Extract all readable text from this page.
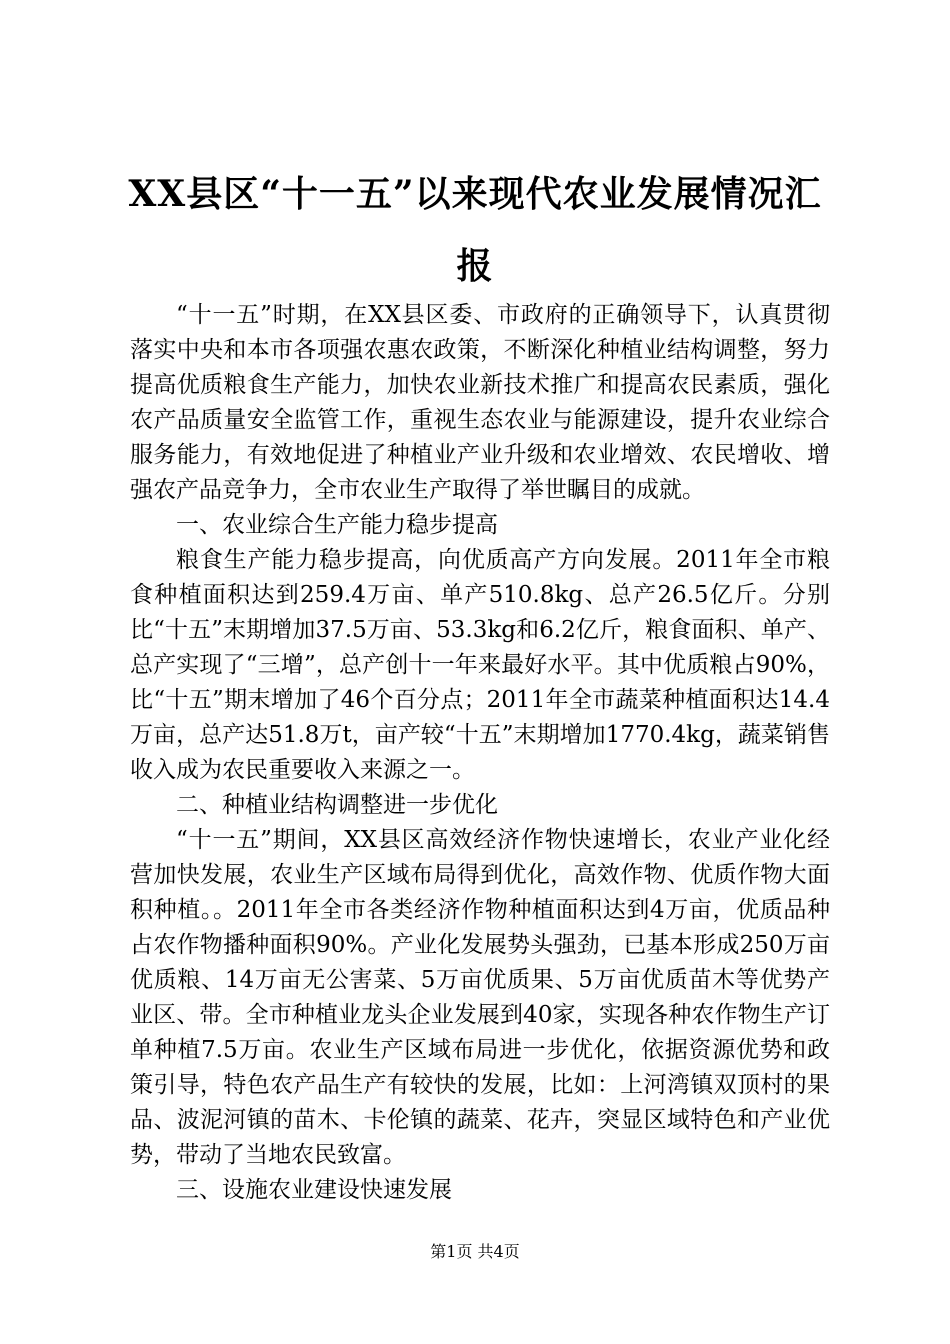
XX县区“十一五”以来现代农业发展情况汇报

“十一五”时期，在XX县区委、市政府的正确领导下，认真贯彻落实中央和本市各项强农惠农政策，不断深化种植业结构调整，努力提高优质粮食生产能力，加快农业新技术推广和提高农民素质，强化农产品质量安全监管工作，重视生态农业与能源建设，提升农业综合服务能力，有效地促进了种植业产业升级和农业增效、农民增收、增强农产品竞争力，全市农业生产取得了举世瞩目的成就。

一、农业综合生产能力稳步提高

粮食生产能力稳步提高，向优质高产方向发展。2011年全市粮食种植面积达到259.4万亩、单产510.8kg、总产26.5亿斤。分别比“十五”末期增加37.5万亩、53.3kg和6.2亿斤，粮食面积、单产、总产实现了“三增”，总产创十一年来最好水平。其中优质粮占90%，比“十五”期末增加了46个百分点；2011年全市蔬菜种植面积达14.4万亩，总产达51.8万t，亩产较“十五”末期增加1770.4kg，蔬菜销售收入成为农民重要收入来源之一。

二、种植业结构调整进一步优化

“十一五”期间，XX县区高效经济作物快速增长，农业产业化经营加快发展，农业生产区域布局得到优化，高效作物、优质作物大面积种植。。2011年全市各类经济作物种植面积达到4万亩，优质品种占农作物播种面积90%。产业化发展势头强劲，已基本形成250万亩优质粮、14万亩无公害菜、5万亩优质果、5万亩优质苗木等优势产业区、带。全市种植业龙头企业发展到40家，实现各种农作物生产订单种植7.5万亩。农业生产区域布局进一步优化，依据资源优势和政策引导，特色农产品生产有较快的发展，比如：上河湾镇双顶村的果品、波泥河镇的苗木、卡伦镇的蔬菜、花卉，突显区域特色和产业优势，带动了当地农民致富。

三、设施农业建设快速发展

第1页 共4页
